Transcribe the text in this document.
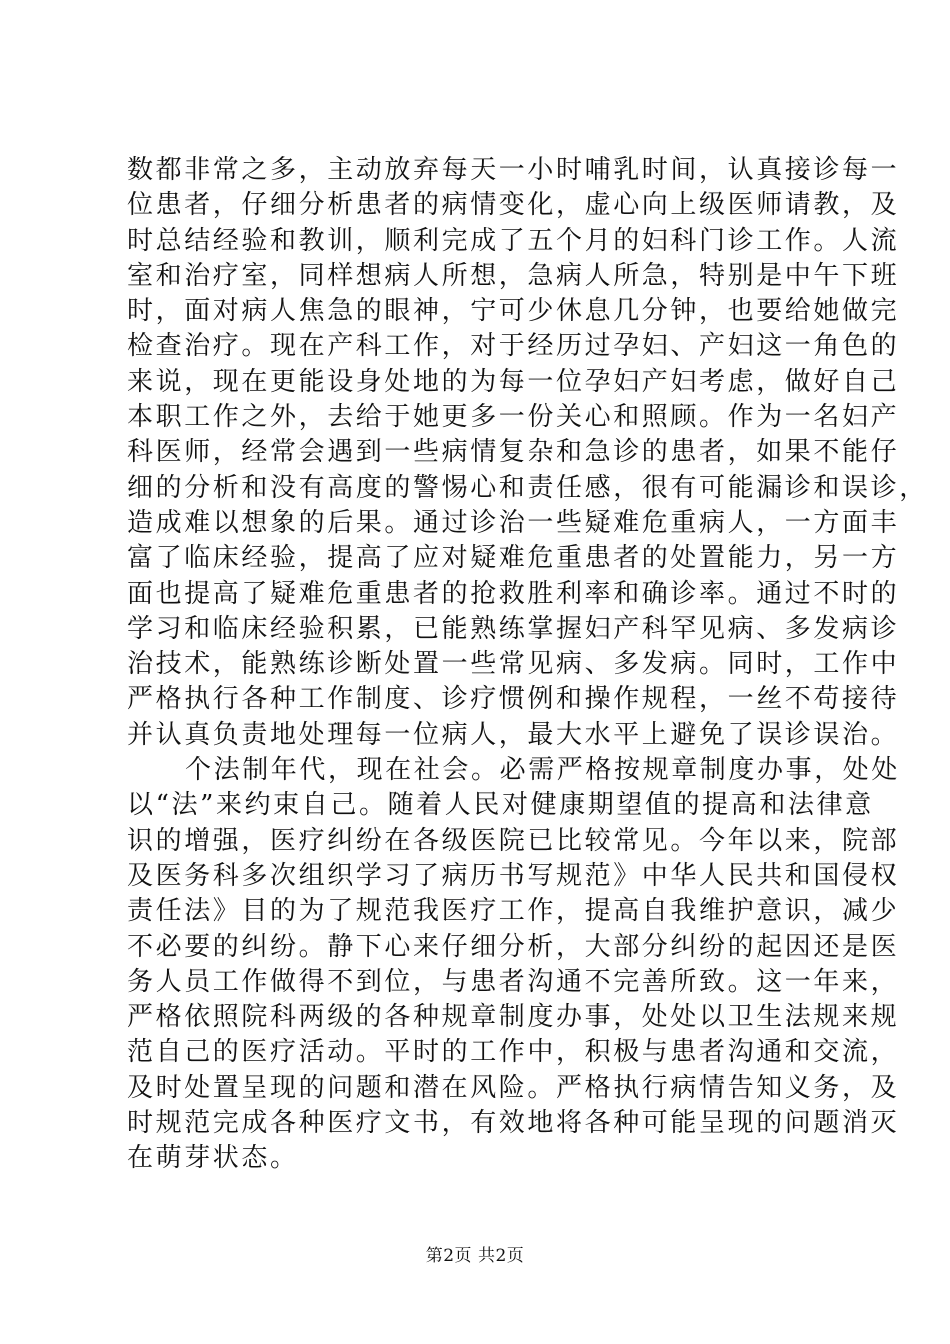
数都非常之多，主动放弃每天一小时哺乳时间，认真接诊每一
位患者，仔细分析患者的病情变化，虚心向上级医师请教，及
时总结经验和教训，顺利完成了五个月的妇科门诊工作。人流
室和治疗室，同样想病人所想，急病人所急，特别是中午下班
时，面对病人焦急的眼神，宁可少休息几分钟，也要给她做完
检查治疗。现在产科工作，对于经历过孕妇、产妇这一角色的
来说，现在更能设身处地的为每一位孕妇产妇考虑，做好自己
本职工作之外，去给于她更多一份关心和照顾。作为一名妇产
科医师，经常会遇到一些病情复杂和急诊的患者，如果不能仔
细的分析和没有高度的警惕心和责任感，很有可能漏诊和误诊，
造成难以想象的后果。通过诊治一些疑难危重病人，一方面丰
富了临床经验，提高了应对疑难危重患者的处置能力，另一方
面也提高了疑难危重患者的抢救胜利率和确诊率。通过不时的
学习和临床经验积累，已能熟练掌握妇产科罕见病、多发病诊
治技术，能熟练诊断处置一些常见病、多发病。同时，工作中
严格执行各种工作制度、诊疗惯例和操作规程，一丝不苟接待
并认真负责地处理每一位病人，最大水平上避免了误诊误治。
个法制年代，现在社会。必需严格按规章制度办事，处处
以“法”来约束自己。随着人民对健康期望值的提高和法律意
识的增强，医疗纠纷在各级医院已比较常见。今年以来，院部
及医务科多次组织学习了病历书写规范》中华人民共和国侵权
责任法》目的为了规范我医疗工作，提高自我维护意识，减少
不必要的纠纷。静下心来仔细分析，大部分纠纷的起因还是医
务人员工作做得不到位，与患者沟通不完善所致。这一年来，
严格依照院科两级的各种规章制度办事，处处以卫生法规来规
范自己的医疗活动。平时的工作中，积极与患者沟通和交流，
及时处置呈现的问题和潜在风险。严格执行病情告知义务，及
时规范完成各种医疗文书，有效地将各种可能呈现的问题消灭
在萌芽状态。
第2页 共2页
